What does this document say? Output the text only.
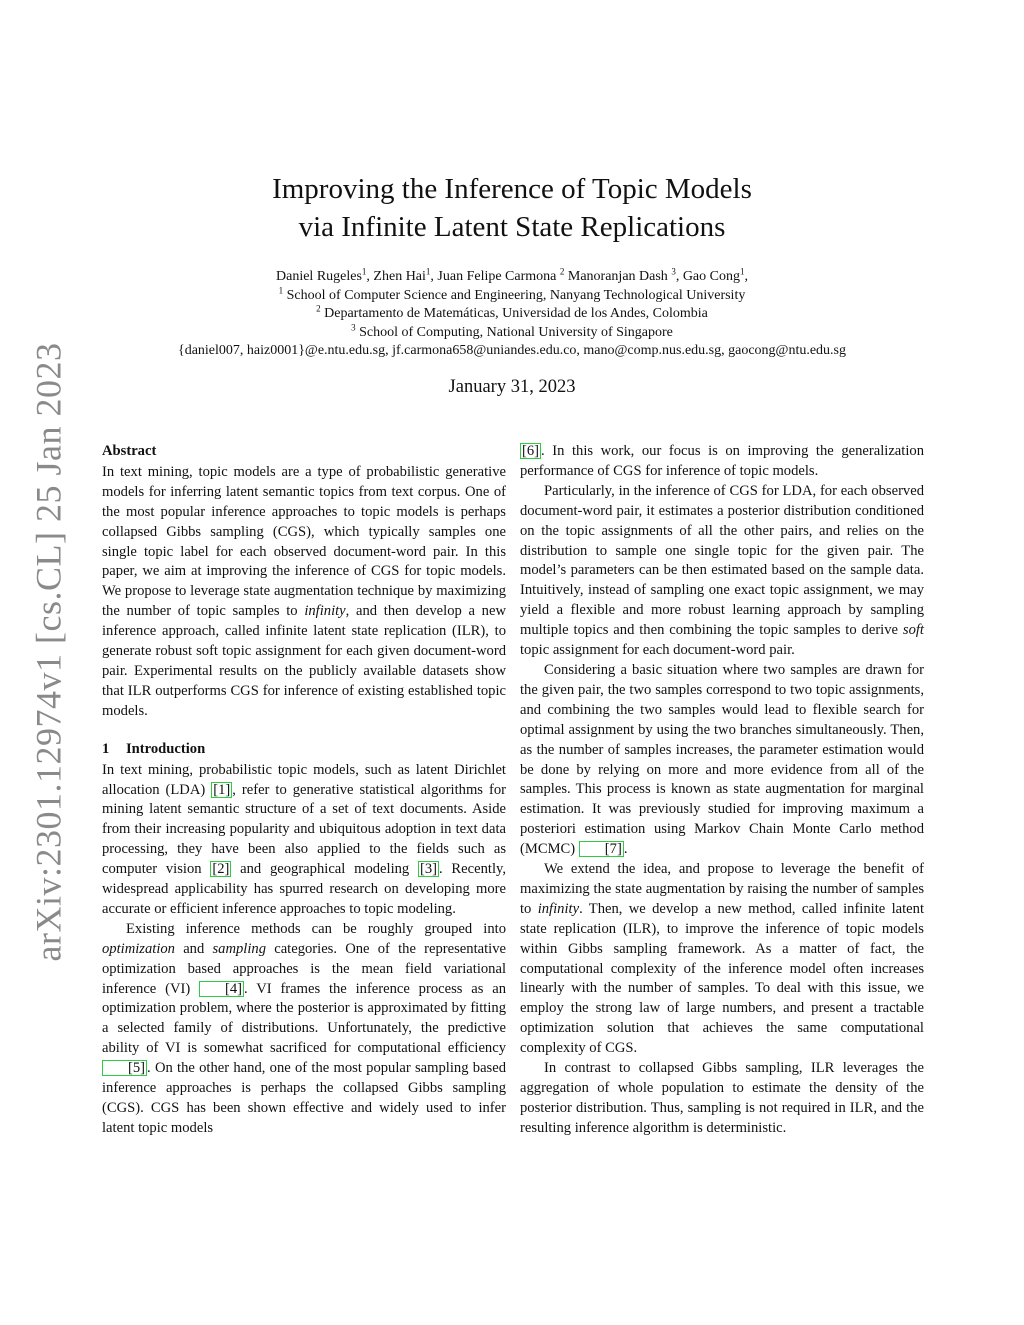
arXiv:2301.12974v1 [cs.CL] 25 Jan 2023
Improving the Inference of Topic Models
via Infinite Latent State Replications
Daniel Rugeles$^1$, Zhen Hai$^1$, Juan Felipe Carmona $^2$ Manoranjan Dash $^3$, Gao Cong$^1$,
$^1$ School of Computer Science and Engineering, Nanyang Technological University
$^2$ Departamento de Matemáticas, Universidad de los Andes, Colombia
$^3$ School of Computing, National University of Singapore
{daniel007, haiz0001}@e.ntu.edu.sg, jf.carmona658@uniandes.edu.co, mano@comp.nus.edu.sg, gaocong@ntu.edu.sg
January 31, 2023
Abstract

In text mining, topic models are a type of probabilistic generative models for inferring latent semantic topics from text corpus. One of the most popular inference approaches to topic models is perhaps collapsed Gibbs sampling (CGS), which typically samples one single topic label for each observed document-word pair. In this paper, we aim at improving the inference of CGS for topic models. We propose to leverage state augmentation technique by maximizing the number of topic samples to infinity, and then develop a new inference approach, called infinite latent state replication (ILR), to generate robust soft topic assignment for each given document-word pair. Experimental results on the publicly available datasets show that ILR outperforms CGS for inference of existing established topic models.

1 Introduction

In text mining, probabilistic topic models, such as latent Dirichlet allocation (LDA) [1] , refer to generative statistical algorithms for mining latent semantic structure of a set of text documents. Aside from their increasing popularity and ubiquitous adoption in text data processing, they have been also applied to the fields such as computer vision [2] and geographical modeling [3] . Recently, widespread applicability has spurred research on developing more accurate or efficient inference approaches to topic modeling.

Existing inference methods can be roughly grouped into optimization and sampling categories. One of the representative optimization based approaches is the mean field variational inference (VI) [4] . VI frames the inference process as an optimization problem, where the posterior is approximated by fitting a selected family of distributions. Unfortunately, the predictive ability of VI is somewhat sacrificed for computational efficiency [5] . On the other hand, one of the most popular sampling based inference approaches is perhaps the collapsed Gibbs sampling (CGS). CGS has been shown effective and widely used to infer latent topic models

[6] . In this work, our focus is on improving the generalization performance of CGS for inference of topic models.

Particularly, in the inference of CGS for LDA, for each observed document-word pair, it estimates a posterior distribution conditioned on the topic assignments of all the other pairs, and relies on the distribution to sample one single topic for the given pair. The model’s parameters can be then estimated based on the sample data. Intuitively, instead of sampling one exact topic assignment, we may yield a flexible and more robust learning approach by sampling multiple topics and then combining the topic samples to derive soft topic assignment for each document-word pair.

Considering a basic situation where two samples are drawn for the given pair, the two samples correspond to two topic assignments, and combining the two samples would lead to flexible search for optimal assignment by using the two branches simultaneously. Then, as the number of samples increases, the parameter estimation would be done by relying on more and more evidence from all of the samples. This process is known as state augmentation for marginal estimation. It was previously studied for improving maximum a posteriori estimation using Markov Chain Monte Carlo method (MCMC) [7] .

We extend the idea, and propose to leverage the benefit of maximizing the state augmentation by raising the number of samples to infinity. Then, we develop a new method, called infinite latent state replication (ILR), to improve the inference of topic models within Gibbs sampling framework. As a matter of fact, the computational complexity of the inference model often increases linearly with the number of samples. To deal with this issue, we employ the strong law of large numbers, and present a tractable optimization solution that achieves the same computational complexity of CGS.

In contrast to collapsed Gibbs sampling, ILR leverages the aggregation of whole population to estimate the density of the posterior distribution. Thus, sampling is not required in ILR, and the resulting inference algorithm is deterministic.
